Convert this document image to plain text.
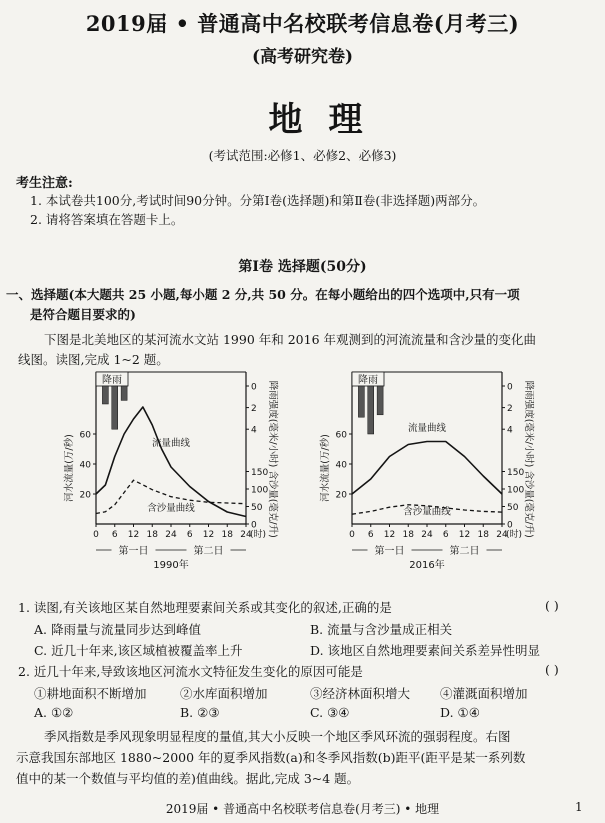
2019届 • 普通高中名校联考信息卷(月考三)
(高考研究卷)
地理
(考试范围:必修1、必修2、必修3)
考生注意:
1. 本试卷共100分,考试时间90分钟。分第Ⅰ卷(选择题)和第Ⅱ卷(非选择题)两部分。
2. 请将答案填在答题卡上。
第Ⅰ卷 选择题(50分)
一、选择题(本大题共 25 小题,每小题 2 分,共 50 分。在每小题给出的四个选项中,只有一项
是符合题目要求的)
下图是北美地区的某河流水文站 1990 年和 2016 年观测到的河流流量和含沙量的变化曲
线图。读图,完成 1~2 题。
降雨
60
40
20
0
2
4
150
100
50
0
0 6 12 18 24 6 12 18 24
(时)
第一日	第二日
1990年
流量曲线
含沙量曲线
河水流量(万/秒)
降雨强度(毫米/小时)
含沙量(毫克/升)
降雨
60
40
20
0
2
4
150
100
50
0
0 6 12 18 24 6 12 18 24
(时)
第一日	第二日
2016年
流量曲线
含沙量曲线
河水流量(万/秒)
降雨强度(毫米/小时)
含沙量(毫克/升)
1. 读图,有关该地区某自然地理要素间关系或其变化的叙述,正确的是	( )
A. 降雨量与流量同步达到峰值	B. 流量与含沙量成正相关
C. 近几十年来,该区域植被覆盖率上升	D. 该地区自然地理要素间关系差异性明显
2. 近几十年来,导致该地区河流水文特征发生变化的原因可能是	( )
①耕地面积不断增加	②水库面积增加	③经济林面积增大 ④灌溉面积增加
A. ①②	B. ②③	C. ③④	D. ①④
季风指数是季风现象明显程度的量值,其大小反映一个地区季风环流的强弱程度。右图
示意我国东部地区 1880~2000 年的夏季风指数(a)和冬季风指数(b)距平(距平是某一系列数
值中的某一个数值与平均值的差)值曲线。据此,完成 3~4 题。
2019届 • 普通高中名校联考信息卷(月考三) • 地理	1
